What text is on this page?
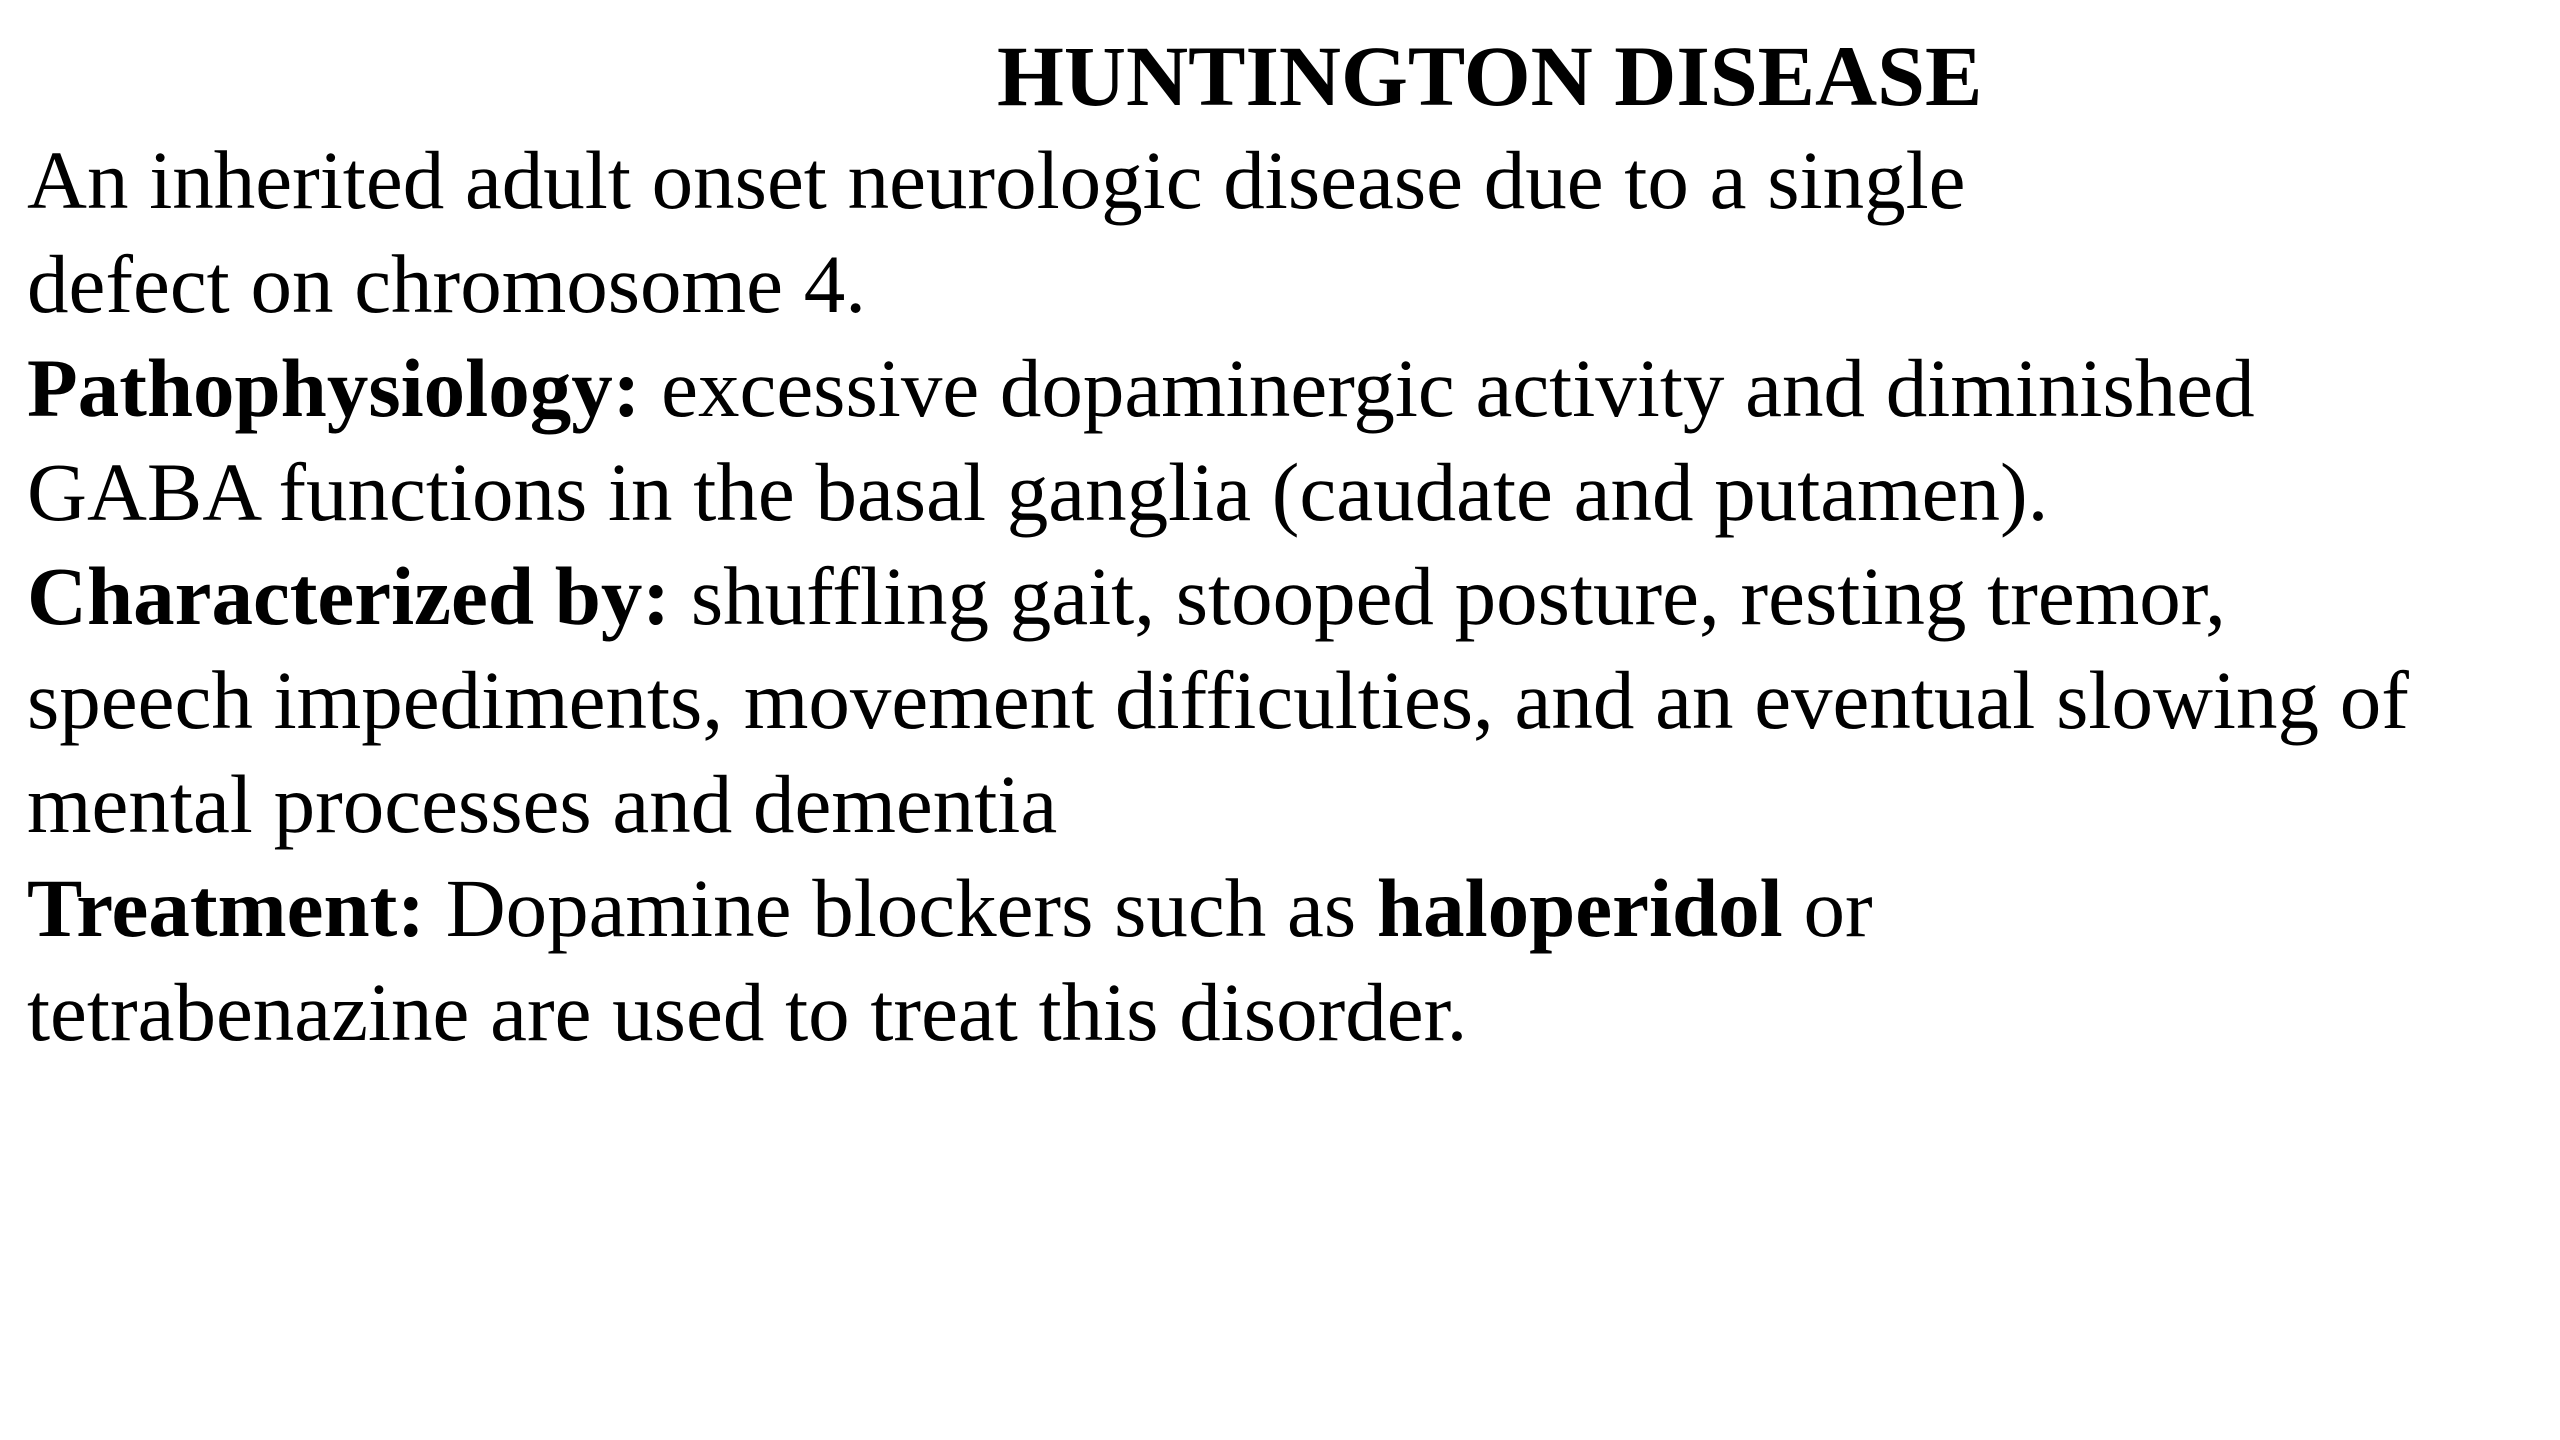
HUNTINGTON DISEASE
An inherited adult onset neurologic disease due to a single
defect on chromosome 4.
Pathophysiology: excessive dopaminergic activity and diminished
GABA functions in the basal ganglia (caudate and putamen).
Characterized by: shuffling gait, stooped posture, resting tremor,
speech impediments, movement difficulties, and an eventual slowing of
mental processes and dementia
Treatment: Dopamine blockers such as haloperidol or
tetrabenazine are used to treat this disorder.
